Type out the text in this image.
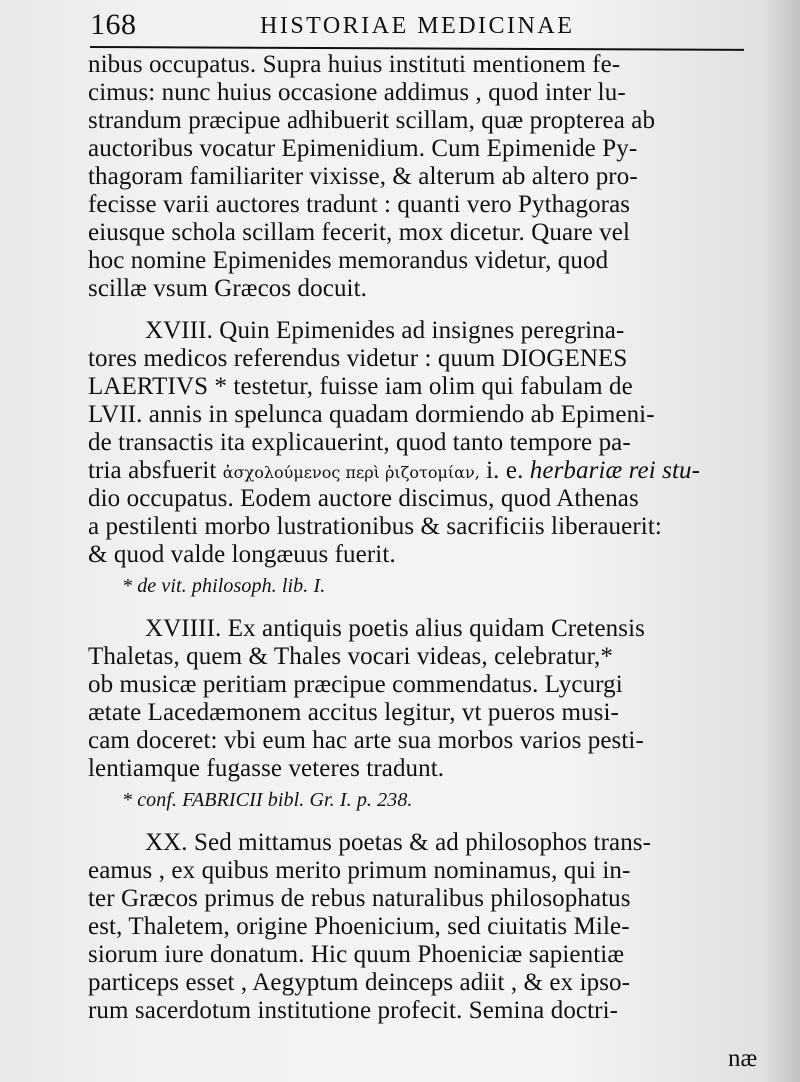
168	HISTORIAE MEDICINAE
nibus occupatus. Supra huius instituti mentionem fe-
cimus: nunc huius occasione addimus , quod inter lu-
strandum præcipue adhibuerit scillam, quæ propterea ab
auctoribus vocatur Epimenidium. Cum Epimenide Py-
thagoram familiariter vixisse, & alterum ab altero pro-
fecisse varii auctores tradunt : quanti vero Pythagoras
eiusque schola scillam fecerit, mox dicetur. Quare vel
hoc nomine Epimenides memorandus videtur, quod
scillæ vsum Græcos docuit.
XVIII. Quin Epimenides ad insignes peregrina-
tores medicos referendus videtur : quum DIOGENES
LAERTIVS * testetur, fuisse iam olim qui fabulam de
LVII. annis in spelunca quadam dormiendo ab Epimeni-
de transactis ita explicauerint, quod tanto tempore pa-
tria absfuerit ἀσχολούμενος περὶ ῥιζοτομίαν, i. e. herbariæ rei stu-
dio occupatus. Eodem auctore discimus, quod Athenas
a pestilenti morbo lustrationibus & sacrificiis liberauerit:
& quod valde longæuus fuerit.
* de vit. philosoph. lib. I.
XVIIII. Ex antiquis poetis alius quidam Cretensis
Thaletas, quem & Thales vocari videas, celebratur,*
ob musicæ peritiam præcipue commendatus. Lycurgi
ætate Lacedæmonem accitus legitur, vt pueros musi-
cam doceret: vbi eum hac arte sua morbos varios pesti-
lentiamque fugasse veteres tradunt.
* conf. FABRICII bibl. Gr. I. p. 238.
XX. Sed mittamus poetas & ad philosophos trans-
eamus , ex quibus merito primum nominamus, qui in-
ter Græcos primus de rebus naturalibus philosophatus
est, Thaletem, origine Phoenicium, sed ciuitatis Mile-
siorum iure donatum. Hic quum Phoeniciæ sapientiæ
particeps esset , Aegyptum deinceps adiit , & ex ipso-
rum sacerdotum institutione profecit. Semina doctri-
næ
